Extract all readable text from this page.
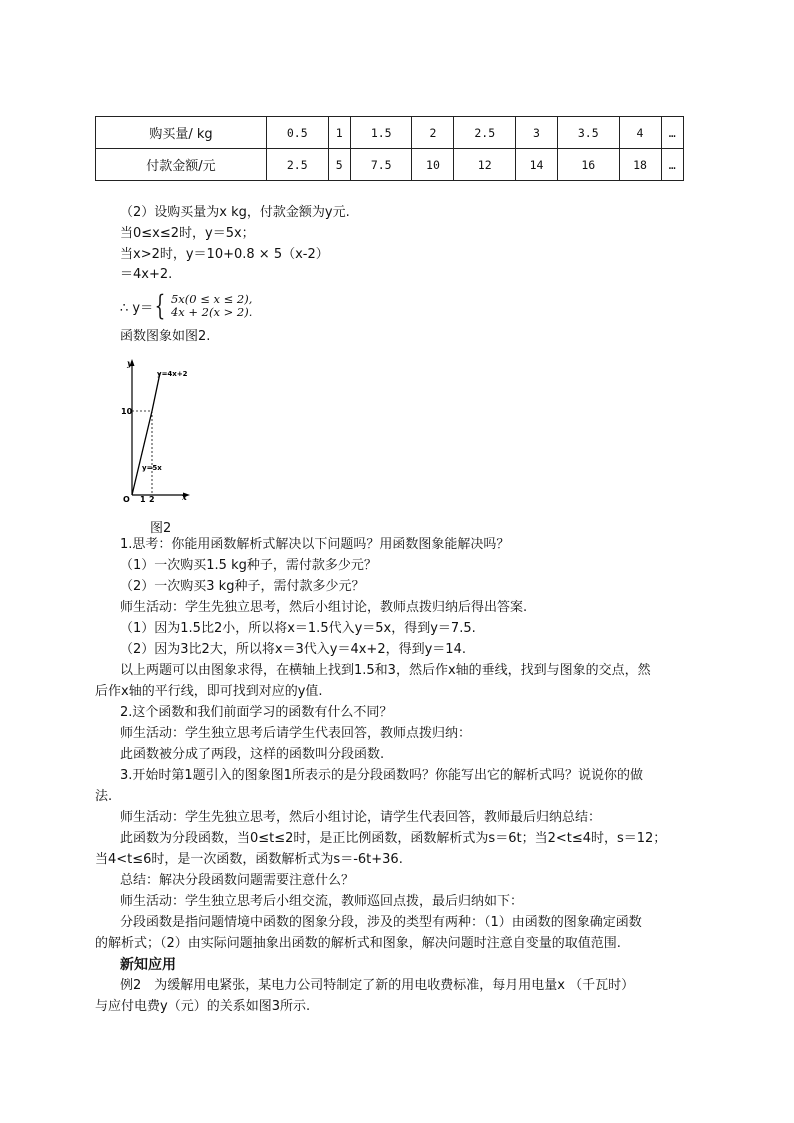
购买量/ kg	0.5	1	1.5	2	2.5	3	3.5	4	…
付款金额/元	2.5	5	7.5	10	12	14	16	18	…
（2）设购买量为x kg，付款金额为y元.
当0≤x≤2时，y＝5x；
当x>2时，y＝10+0.8 × 5（x-2）
＝4x+2.
∴ y＝ { 5x(0 ≤ x ≤ 2),
4x + 2(x > 2).
函数图象如图2.
y
x
O
10
1 2
y=4x+2
y=5x
图2
1.思考：你能用函数解析式解决以下问题吗？用函数图象能解决吗？
（1）一次购买1.5 kg种子，需付款多少元？
（2）一次购买3 kg种子，需付款多少元？
师生活动：学生先独立思考，然后小组讨论，教师点拨归纳后得出答案.
（1）因为1.5比2小，所以将x＝1.5代入y＝5x，得到y＝7.5.
（2）因为3比2大，所以将x＝3代入y＝4x+2，得到y＝14.
以上两题可以由图象求得，在横轴上找到1.5和3，然后作x轴的垂线，找到与图象的交点，然
后作x轴的平行线，即可找到对应的y值.
2.这个函数和我们前面学习的函数有什么不同？
师生活动：学生独立思考后请学生代表回答，教师点拨归纳：
此函数被分成了两段，这样的函数叫分段函数.
3.开始时第1题引入的图象图1所表示的是分段函数吗？你能写出它的解析式吗？说说你的做
法.
师生活动：学生先独立思考，然后小组讨论，请学生代表回答，教师最后归纳总结：
此函数为分段函数，当0≤t≤2时，是正比例函数，函数解析式为s＝6t；当2<t≤4时，s＝12；
当4<t≤6时，是一次函数，函数解析式为s＝-6t+36.
总结：解决分段函数问题需要注意什么？
师生活动：学生独立思考后小组交流，教师巡回点拨，最后归纳如下：
分段函数是指问题情境中函数的图象分段，涉及的类型有两种：（1）由函数的图象确定函数
的解析式；（2）由实际问题抽象出函数的解析式和图象，解决问题时注意自变量的取值范围.
新知应用
例2　为缓解用电紧张，某电力公司特制定了新的用电收费标准，每月用电量x （千瓦时）
与应付电费y（元）的关系如图3所示.
